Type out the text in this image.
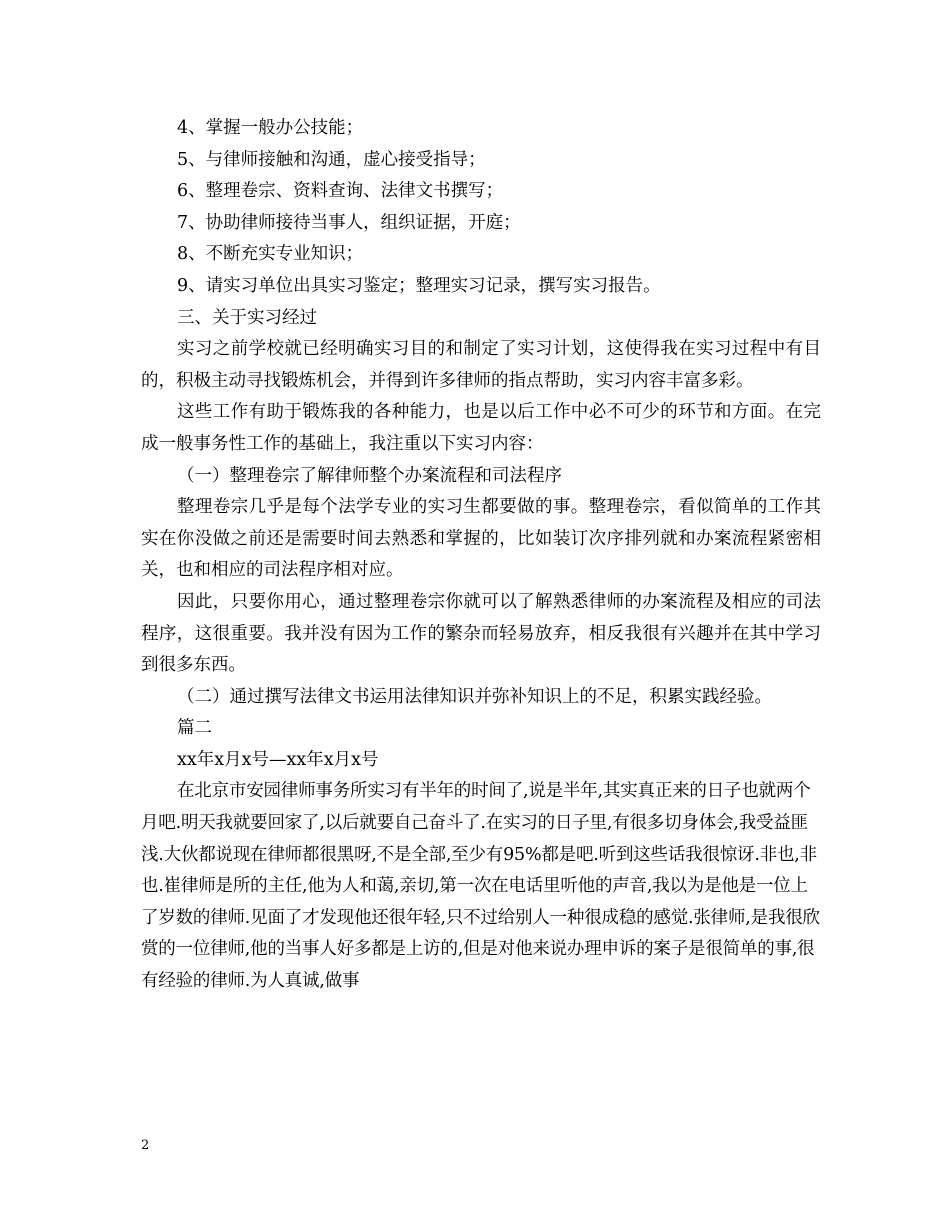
4、掌握一般办公技能；
5、与律师接触和沟通，虚心接受指导；
6、整理卷宗、资料查询、法律文书撰写；
7、协助律师接待当事人，组织证据，开庭；
8、不断充实专业知识；
9、请实习单位出具实习鉴定；整理实习记录，撰写实习报告。
三、关于实习经过
实习之前学校就已经明确实习目的和制定了实习计划，这使得我在实习过程中有目的，积极主动寻找锻炼机会，并得到许多律师的指点帮助，实习内容丰富多彩。
这些工作有助于锻炼我的各种能力，也是以后工作中必不可少的环节和方面。在完成一般事务性工作的基础上，我注重以下实习内容：
（一）整理卷宗了解律师整个办案流程和司法程序
整理卷宗几乎是每个法学专业的实习生都要做的事。整理卷宗，看似简单的工作其实在你没做之前还是需要时间去熟悉和掌握的，比如装订次序排列就和办案流程紧密相关，也和相应的司法程序相对应。
因此，只要你用心，通过整理卷宗你就可以了解熟悉律师的办案流程及相应的司法程序，这很重要。我并没有因为工作的繁杂而轻易放弃，相反我很有兴趣并在其中学习到很多东西。
（二）通过撰写法律文书运用法律知识并弥补知识上的不足，积累实践经验。
篇二
xx年x月x号—xx年x月x号
在北京市安园律师事务所实习有半年的时间了,说是半年,其实真正来的日子也就两个月吧.明天我就要回家了,以后就要自己奋斗了.在实习的日子里,有很多切身体会,我受益匪浅.大伙都说现在律师都很黑呀,不是全部,至少有95%都是吧.听到这些话我很惊讶.非也,非也.崔律师是所的主任,他为人和蔼,亲切,第一次在电话里听他的声音,我以为是他是一位上了岁数的律师.见面了才发现他还很年轻,只不过给别人一种很成稳的感觉.张律师,是我很欣赏的一位律师,他的当事人好多都是上访的,但是对他来说办理申诉的案子是很简单的事,很有经验的律师.为人真诚,做事
2
